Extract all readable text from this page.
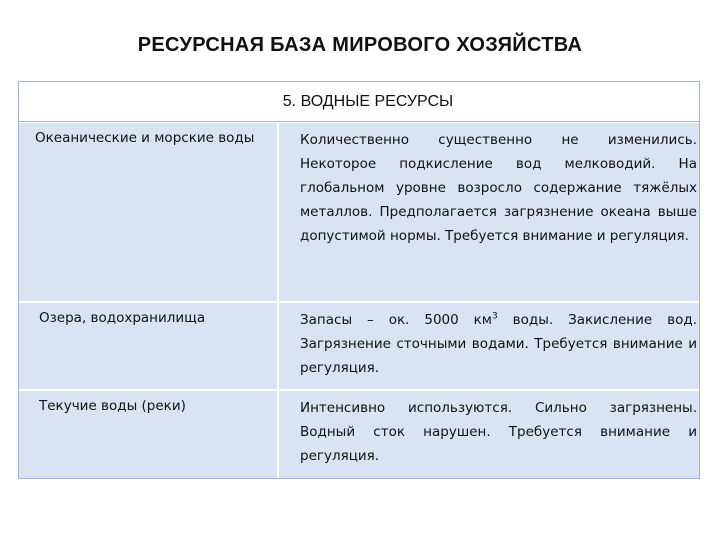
РЕСУРСНАЯ БАЗА МИРОВОГО ХОЗЯЙСТВА
5. ВОДНЫЕ РЕСУРСЫ
Океанические и морские воды	Количественно существенно не изменились. Некоторое подкисление вод мелководий. На глобальном уровне возросло содержание тяжёлых металлов. Предполагается загрязнение океана выше допустимой нормы. Требуется внимание и регуляция.
Озера, водохранилища	Запасы – ок. 5000 $км^3$ воды. Закисление вод. Загрязнение сточными водами. Требуется внимание и регуляция.
Текучие воды (реки)	Интенсивно используются. Сильно загрязнены. Водный сток нарушен. Требуется внимание и регуляция.
